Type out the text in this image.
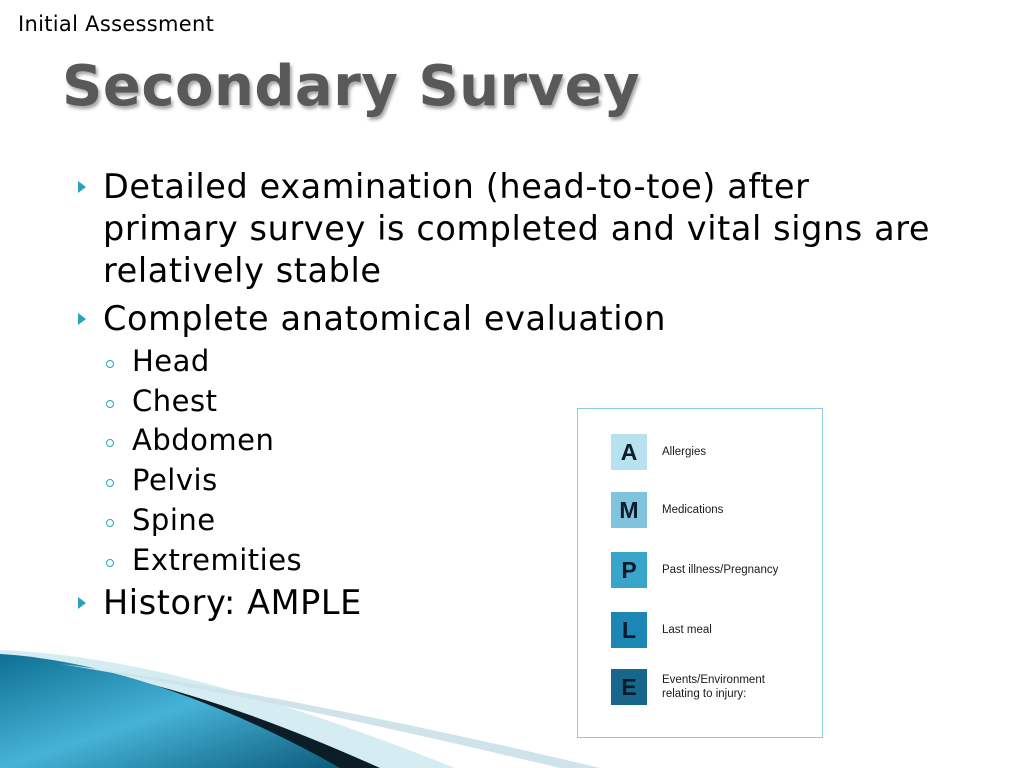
Initial Assessment
Secondary Survey
Detailed examination (head-to-toe) after primary survey is completed and vital signs are relatively stable
Complete anatomical evaluation
Head
Chest
Abdomen
Pelvis
Spine
Extremities
History: AMPLE
A	Allergies
M	Medications
P	Past illness/Pregnancy
L	Last meal
E	Events/Environment
relating to injury:
